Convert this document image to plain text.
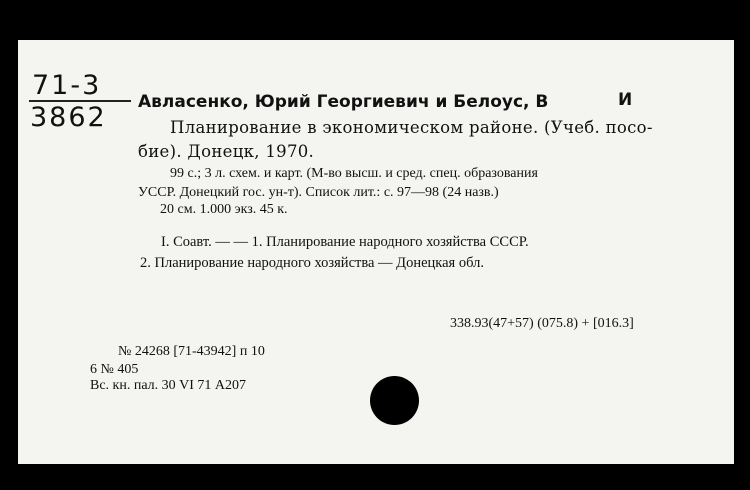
71-3
3862 Авласенко, Юрий Георгиевич и Белоус, В	И
Планирование в экономическом районе. (Учеб. посо-
бие). Донецк, 1970.
99 с.; 3 л. схем. и карт. (М-во высш. и сред. спец. образования
УССР. Донецкий гос. ун-т). Список лит.: с. 97—98 (24 назв.)
20 см. 1.000 экз. 45 к.
I. Соавт. — — 1. Планирование народного хозяйства СССР.
2. Планирование народного хозяйства — Донецкая обл.
338.93(47+57) (075.8) + [016.3]
№ 24268 [71-43942] п 10
6 № 405
Вс. кн. пал. 30 VI 71 А207
